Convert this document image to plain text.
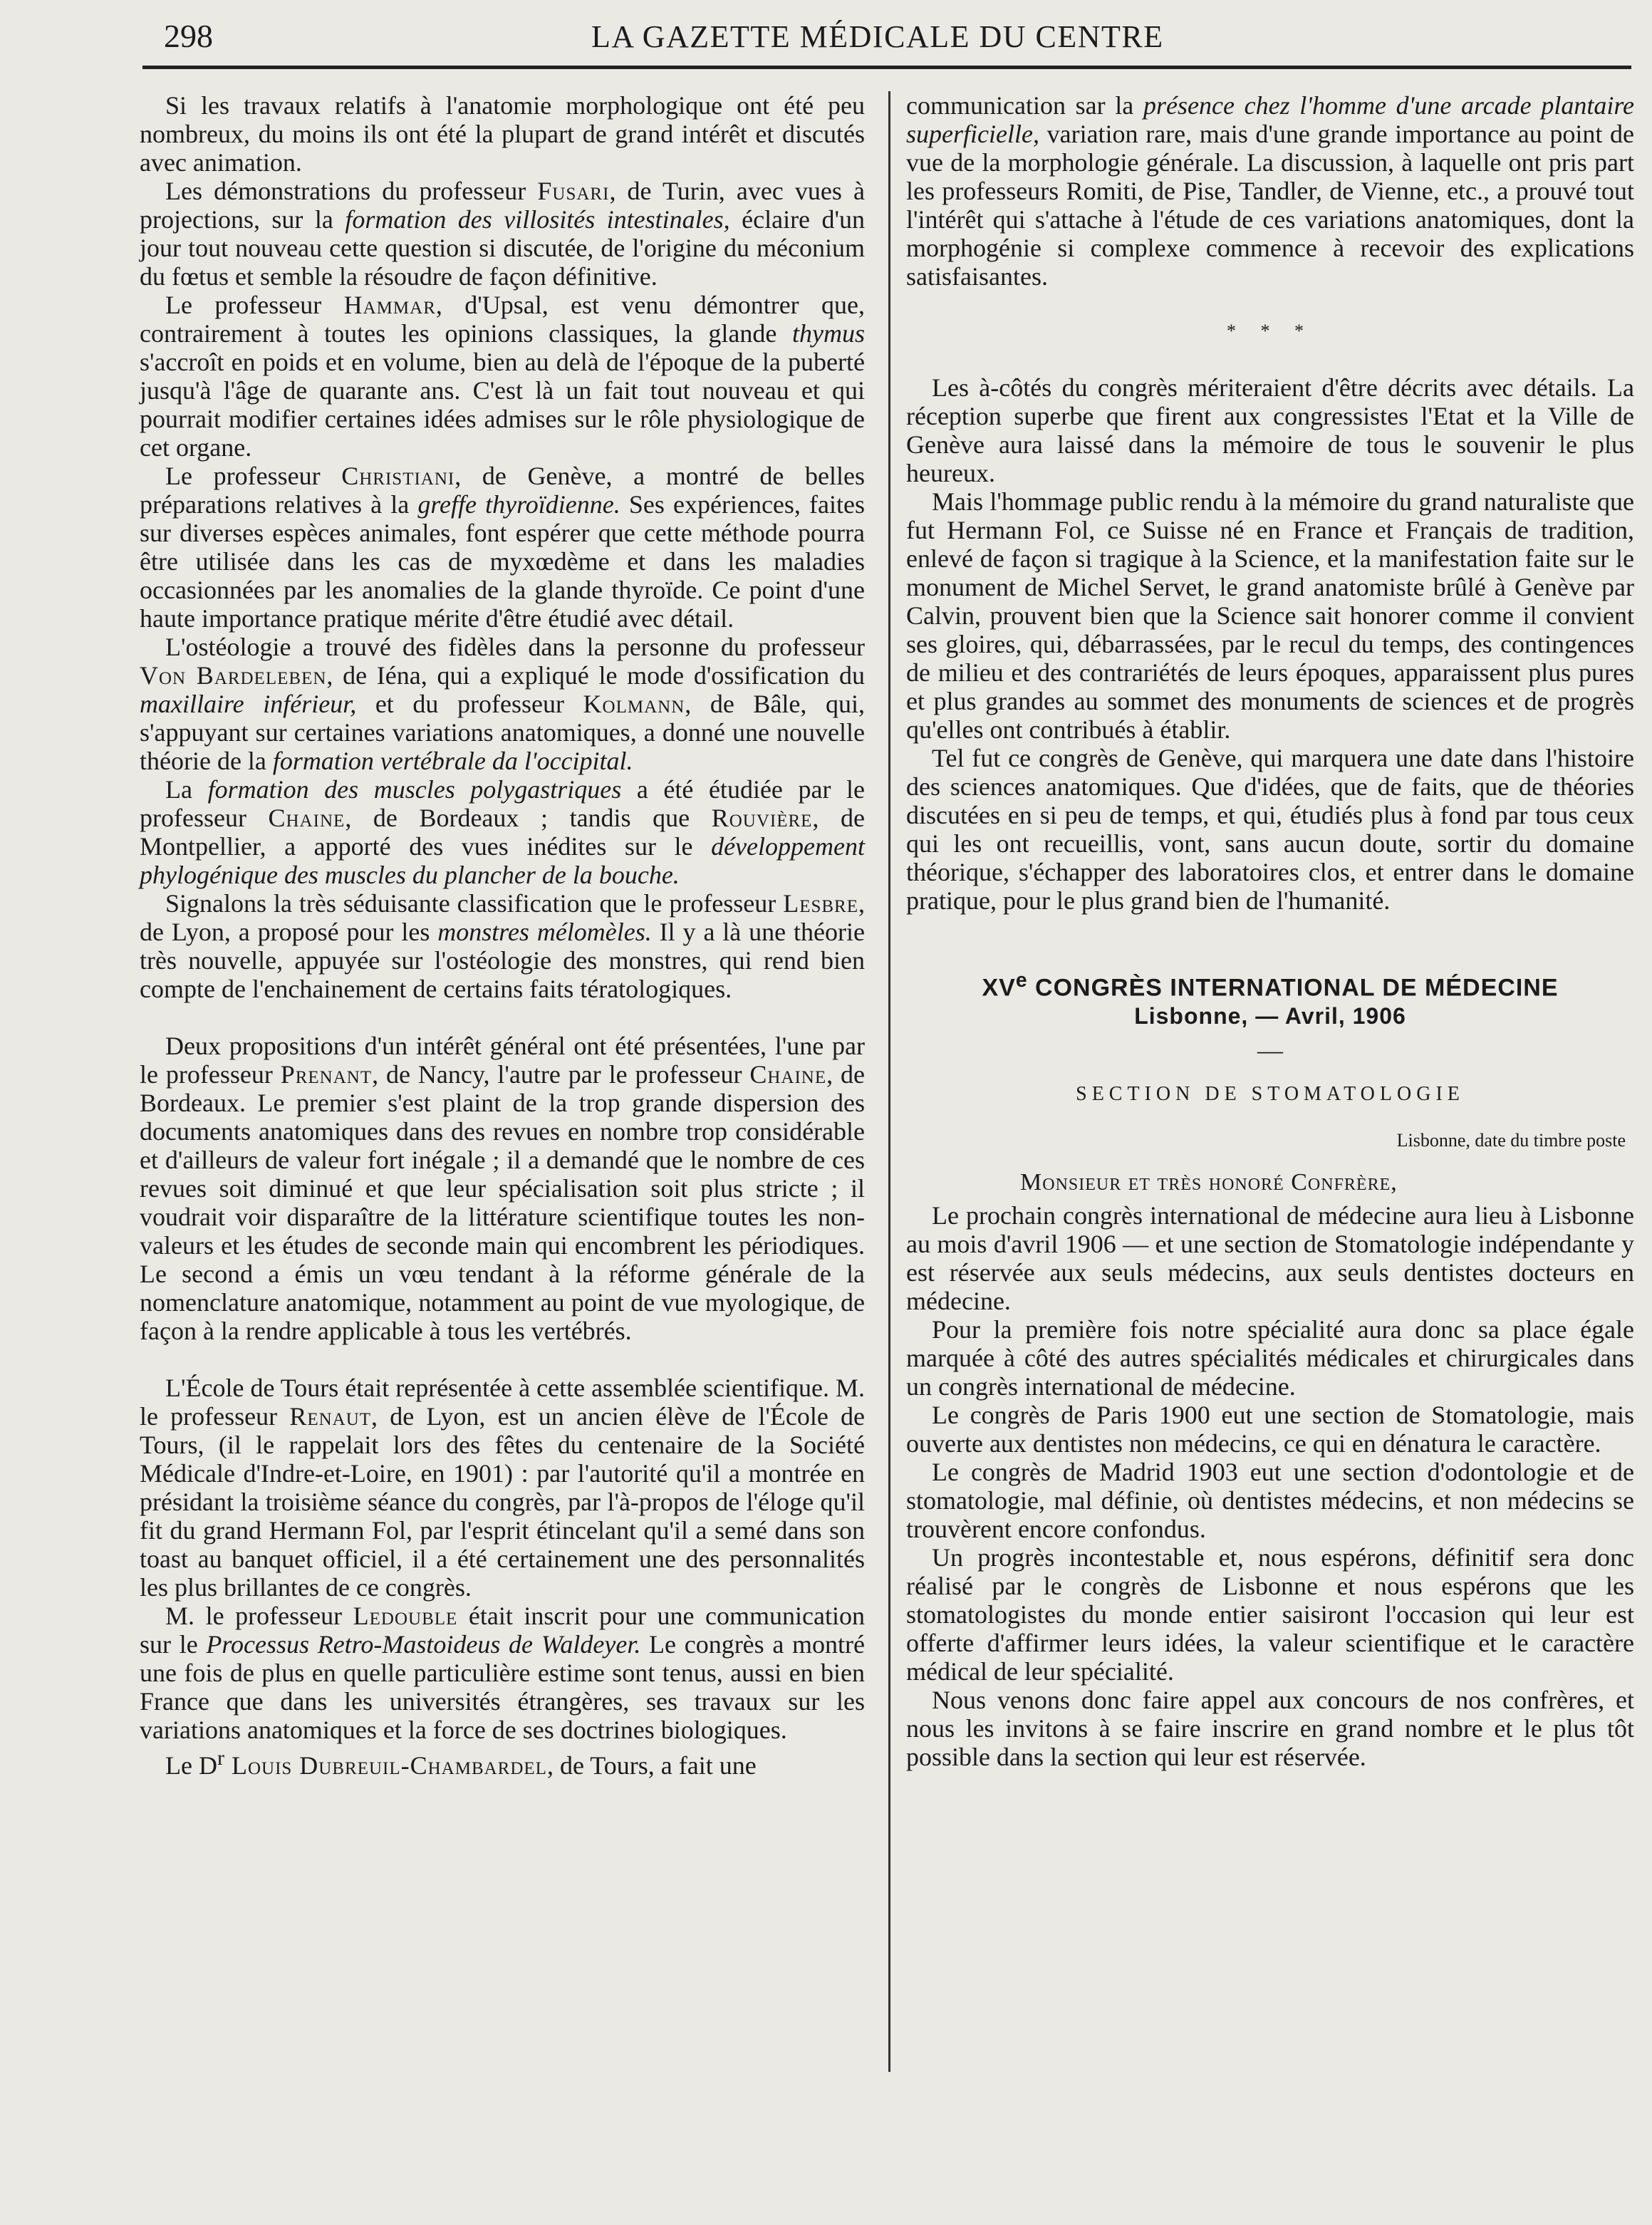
298	LA GAZETTE MÉDICALE DU CENTRE

Si les travaux relatifs à l'anatomie morphologique ont été peu nombreux, du moins ils ont été la plupart de grand intérêt et discutés avec animation.

Les démonstrations du professeur Fusari, de Turin, avec vues à projections, sur la formation des villosités intestinales, éclaire d'un jour tout nouveau cette question si discutée, de l'origine du méconium du fœtus et semble la résoudre de façon définitive.

Le professeur Hammar, d'Upsal, est venu démontrer que, contrairement à toutes les opinions classiques, la glande thymus s'accroît en poids et en volume, bien au delà de l'époque de la puberté jusqu'à l'âge de quarante ans. C'est là un fait tout nouveau et qui pourrait modifier certaines idées admises sur le rôle physiologique de cet organe.

Le professeur Christiani, de Genève, a montré de belles préparations relatives à la greffe thyroïdienne. Ses expériences, faites sur diverses espèces animales, font espérer que cette méthode pourra être utilisée dans les cas de myxœdème et dans les maladies occasionnées par les anomalies de la glande thyroïde. Ce point d'une haute importance pratique mérite d'être étudié avec détail.

L'ostéologie a trouvé des fidèles dans la personne du professeur Von Bardeleben, de Iéna, qui a expliqué le mode d'ossification du maxillaire inférieur, et du professeur Kolmann, de Bâle, qui, s'appuyant sur certaines variations anatomiques, a donné une nouvelle théorie de la formation vertébrale da l'occipital.

La formation des muscles polygastriques a été étudiée par le professeur Chaine, de Bordeaux ; tandis que Rouvière, de Montpellier, a apporté des vues inédites sur le développement phylogénique des muscles du plancher de la bouche.

Signalons la très séduisante classification que le professeur Lesbre, de Lyon, a proposé pour les monstres mélomèles. Il y a là une théorie très nouvelle, appuyée sur l'ostéologie des monstres, qui rend bien compte de l'enchainement de certains faits tératologiques.

Deux propositions d'un intérêt général ont été présentées, l'une par le professeur Prenant, de Nancy, l'autre par le professeur Chaine, de Bordeaux. Le premier s'est plaint de la trop grande dispersion des documents anatomiques dans des revues en nombre trop considérable et d'ailleurs de valeur fort inégale ; il a demandé que le nombre de ces revues soit diminué et que leur spécialisation soit plus stricte ; il voudrait voir disparaître de la littérature scientifique toutes les non-valeurs et les études de seconde main qui encombrent les périodiques. Le second a émis un vœu tendant à la réforme générale de la nomenclature anatomique, notamment au point de vue myologique, de façon à la rendre applicable à tous les vertébrés.

L'École de Tours était représentée à cette assemblée scientifique. M. le professeur Renaut, de Lyon, est un ancien élève de l'École de Tours, (il le rappelait lors des fêtes du centenaire de la Société Médicale d'Indre-et-Loire, en 1901) : par l'autorité qu'il a montrée en présidant la troisième séance du congrès, par l'à-propos de l'éloge qu'il fit du grand Hermann Fol, par l'esprit étincelant qu'il a semé dans son toast au banquet officiel, il a été certainement une des personnalités les plus brillantes de ce congrès.

M. le professeur Ledouble était inscrit pour une communication sur le Processus Retro-Mastoideus de Waldeyer. Le congrès a montré une fois de plus en quelle particulière estime sont tenus, aussi en bien France que dans les universités étrangères, ses travaux sur les variations anatomiques et la force de ses doctrines biologiques.

Le $D^r$ Louis Dubreuil-Chambardel, de Tours, a fait une

communication sar la présence chez l'homme d'une arcade plantaire superficielle, variation rare, mais d'une grande importance au point de vue de la morphologie générale. La discussion, à laquelle ont pris part les professeurs Romiti, de Pise, Tandler, de Vienne, etc., a prouvé tout l'intérêt qui s'attache à l'étude de ces variations anatomiques, dont la morphogénie si complexe commence à recevoir des explications satisfaisantes.

* * *

Les à-côtés du congrès mériteraient d'être décrits avec détails. La réception superbe que firent aux congressistes l'Etat et la Ville de Genève aura laissé dans la mémoire de tous le souvenir le plus heureux.

Mais l'hommage public rendu à la mémoire du grand naturaliste que fut Hermann Fol, ce Suisse né en France et Français de tradition, enlevé de façon si tragique à la Science, et la manifestation faite sur le monument de Michel Servet, le grand anatomiste brûlé à Genève par Calvin, prouvent bien que la Science sait honorer comme il convient ses gloires, qui, débarrassées, par le recul du temps, des contingences de milieu et des contrariétés de leurs époques, apparaissent plus pures et plus grandes au sommet des monuments de sciences et de progrès qu'elles ont contribués à établir.

Tel fut ce congrès de Genève, qui marquera une date dans l'histoire des sciences anatomiques. Que d'idées, que de faits, que de théories discutées en si peu de temps, et qui, étudiés plus à fond par tous ceux qui les ont recueillis, vont, sans aucun doute, sortir du domaine théorique, s'échapper des laboratoires clos, et entrer dans le domaine pratique, pour le plus grand bien de l'humanité.

XVe CONGRÈS INTERNATIONAL DE MÉDECINE
Lisbonne, — Avril, 1906
—
SECTION DE STOMATOLOGIE
Lisbonne, date du timbre poste
Monsieur et très honoré Confrère,

Le prochain congrès international de médecine aura lieu à Lisbonne au mois d'avril 1906 — et une section de Stomatologie indépendante y est réservée aux seuls médecins, aux seuls dentistes docteurs en médecine.

Pour la première fois notre spécialité aura donc sa place égale marquée à côté des autres spécialités médicales et chirurgicales dans un congrès international de médecine.

Le congrès de Paris 1900 eut une section de Stomatologie, mais ouverte aux dentistes non médecins, ce qui en dénatura le caractère.

Le congrès de Madrid 1903 eut une section d'odontologie et de stomatologie, mal définie, où dentistes médecins, et non médecins se trouvèrent encore confondus.

Un progrès incontestable et, nous espérons, définitif sera donc réalisé par le congrès de Lisbonne et nous espérons que les stomatologistes du monde entier saisiront l'occasion qui leur est offerte d'affirmer leurs idées, la valeur scientifique et le caractère médical de leur spécialité.

Nous venons donc faire appel aux concours de nos confrères, et nous les invitons à se faire inscrire en grand nombre et le plus tôt possible dans la section qui leur est réservée.
